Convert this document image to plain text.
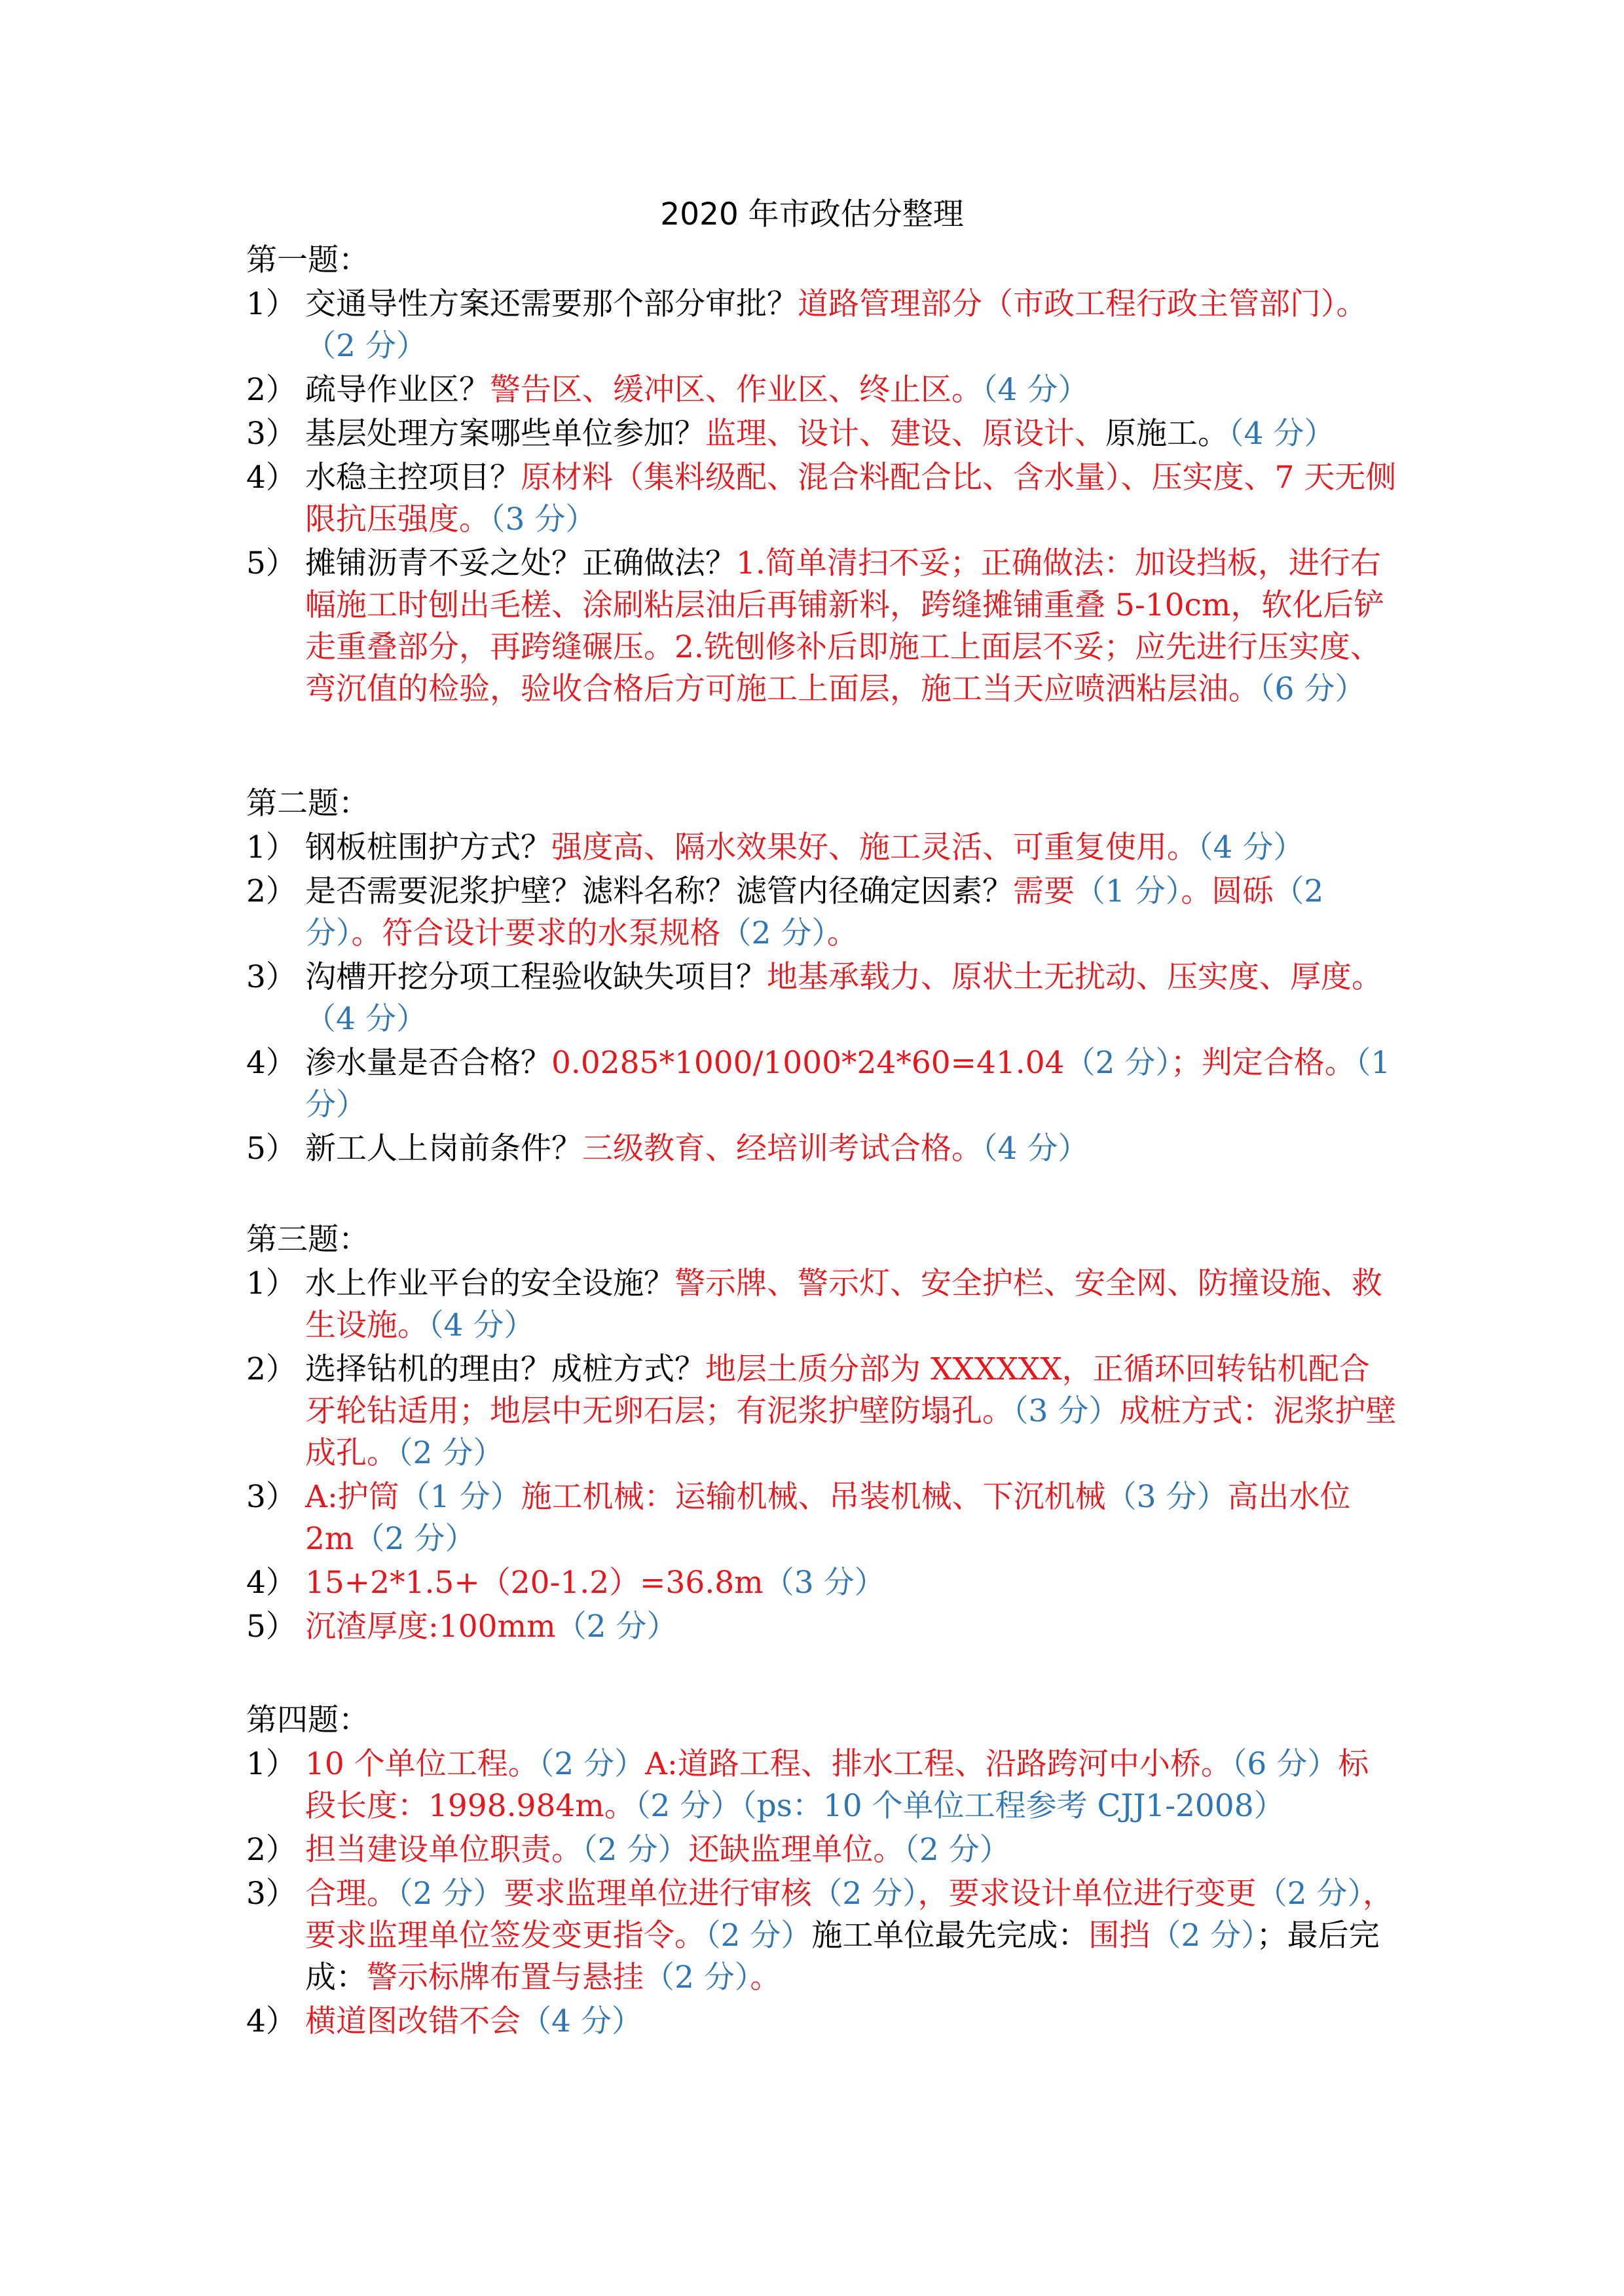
2020 年市政估分整理
第一题：
1） 交通导性方案还需要那个部分审批？道路管理部分（市政工程行政主管部门）。（2 分）
2） 疏导作业区？警告区、缓冲区、作业区、终止区。（4 分）
3） 基层处理方案哪些单位参加？监理、设计、建设、原设计、原施工。（4 分）
4） 水稳主控项目？原材料（集料级配、混合料配合比、含水量）、压实度、7 天无侧限抗压强度。（3 分）
5） 摊铺沥青不妥之处？正确做法？1.简单清扫不妥；正确做法：加设挡板，进行右幅施工时刨出毛槎、涂刷粘层油后再铺新料，跨缝摊铺重叠 5-10cm，软化后铲走重叠部分，再跨缝碾压。2.铣刨修补后即施工上面层不妥；应先进行压实度、弯沉值的检验，验收合格后方可施工上面层，施工当天应喷洒粘层油。（6 分）
第二题：
1） 钢板桩围护方式？强度高、隔水效果好、施工灵活、可重复使用。（4 分）
2） 是否需要泥浆护壁？滤料名称？滤管内径确定因素？需要（1 分）。圆砾（2 分）。符合设计要求的水泵规格（2 分）。
3） 沟槽开挖分项工程验收缺失项目？地基承载力、原状土无扰动、压实度、厚度。（4 分）
4） 渗水量是否合格？0.0285*1000/1000*24*60=41.04（2 分）；判定合格。（1 分）
5） 新工人上岗前条件？三级教育、经培训考试合格。（4 分）
第三题：
1） 水上作业平台的安全设施？警示牌、警示灯、安全护栏、安全网、防撞设施、救生设施。（4 分）
2） 选择钻机的理由？成桩方式？地层土质分部为 XXXXXX，正循环回转钻机配合牙轮钻适用；地层中无卵石层；有泥浆护壁防塌孔。（3 分）成桩方式：泥浆护壁成孔。（2 分）
3） A:护筒（1 分）施工机械：运输机械、吊装机械、下沉机械（3 分）高出水位 2m（2 分）
4） 15+2*1.5+（20-1.2）=36.8m（3 分）
5） 沉渣厚度:100mm（2 分）
第四题：
1） 10 个单位工程。（2 分）A:道路工程、排水工程、沿路跨河中小桥。（6 分）标段长度：1998.984m。（2 分）（ps：10 个单位工程参考 CJJ1-2008）
2） 担当建设单位职责。（2 分）还缺监理单位。（2 分）
3） 合理。（2 分）要求监理单位进行审核（2 分），要求设计单位进行变更（2 分），要求监理单位签发变更指令。（2 分）施工单位最先完成：围挡（2 分）；最后完成：警示标牌布置与悬挂（2 分）。
4） 横道图改错不会（4 分）
